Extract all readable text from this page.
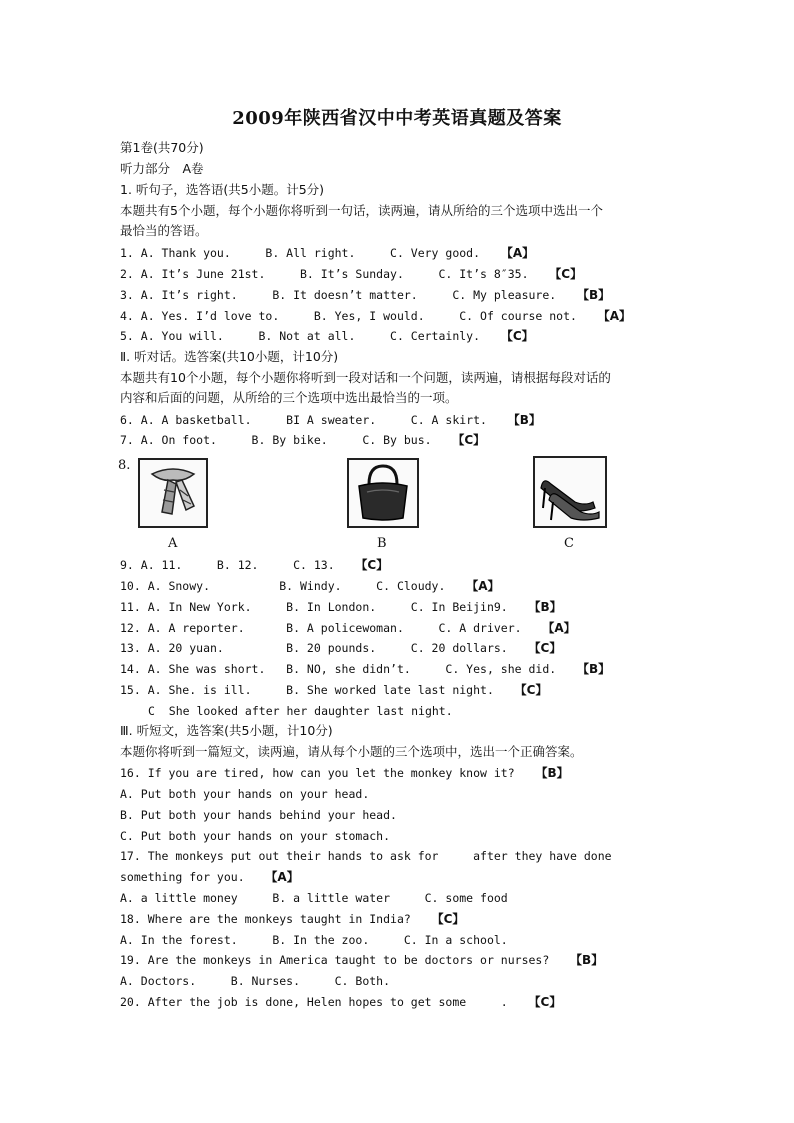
2009年陕西省汉中中考英语真题及答案
第1卷(共70分)
听力部分　A卷
1. 听句子，选答语(共5小题。计5分)
本题共有5个小题，每个小题你将听到一句话，读两遍，请从所给的三个选项中选出一个
最恰当的答语。
1. A. Thank you.     B. All right.     C. Very good. 【A】
2. A. It’s June 21st.     B. It’s Sunday.     C. It’s 8″35. 【C】
3. A. It’s right.     B. It doesn’t matter.     C. My pleasure. 【B】
4. A. Yes. I’d love to.     B. Yes, I would.     C. Of course not. 【A】
5. A. You will.     B. Not at all.     C. Certainly. 【C】
Ⅱ. 听对话。选答案(共10小题，计10分)
本题共有10个小题，每个小题你将听到一段对话和一个问题，读两遍，请根据每段对话的
内容和后面的问题，从所给的三个选项中选出最恰当的一项。
6. A. A basketball.     BI A sweater.     C. A skirt. 【B】
7. A. On foot.     B. By bike.     C. By bus. 【C】
8.
A	B	C
9. A. 11.     B. 12.     C. 13. 【C】
10. A. Snowy.          B. Windy.     C. Cloudy. 【A】
11. A. In New York.     B. In London.     C. In Beijin9. 【B】
12. A. A reporter.      B. A policewoman.     C. A driver. 【A】
13. A. 20 yuan.         B. 20 pounds.     C. 20 dollars. 【C】
14. A. She was short.   B. NO, she didn’t.     C. Yes, she did. 【B】
15. A. She. is ill.     B. She worked late last night. 【C】
C  She looked after her daughter last night.
Ⅲ. 听短文，选答案(共5小题，计10分)
本题你将听到一篇短文，读两遍，请从每个小题的三个选项中，选出一个正确答案。
16. If you are tired, how can you let the monkey know it? 【B】
A. Put both your hands on your head.
B. Put both your hands behind your head.
C. Put both your hands on your stomach.
17. The monkeys put out their hands to ask for     after they have done
something for you. 【A】
A. a little money     B. a little water     C. some food
18. Where are the monkeys taught in India? 【C】
A. In the forest.     B. In the zoo.     C. In a school.
19. Are the monkeys in America taught to be doctors or nurses? 【B】
A. Doctors.     B. Nurses.     C. Both.
20. After the job is done, Helen hopes to get some     . 【C】
